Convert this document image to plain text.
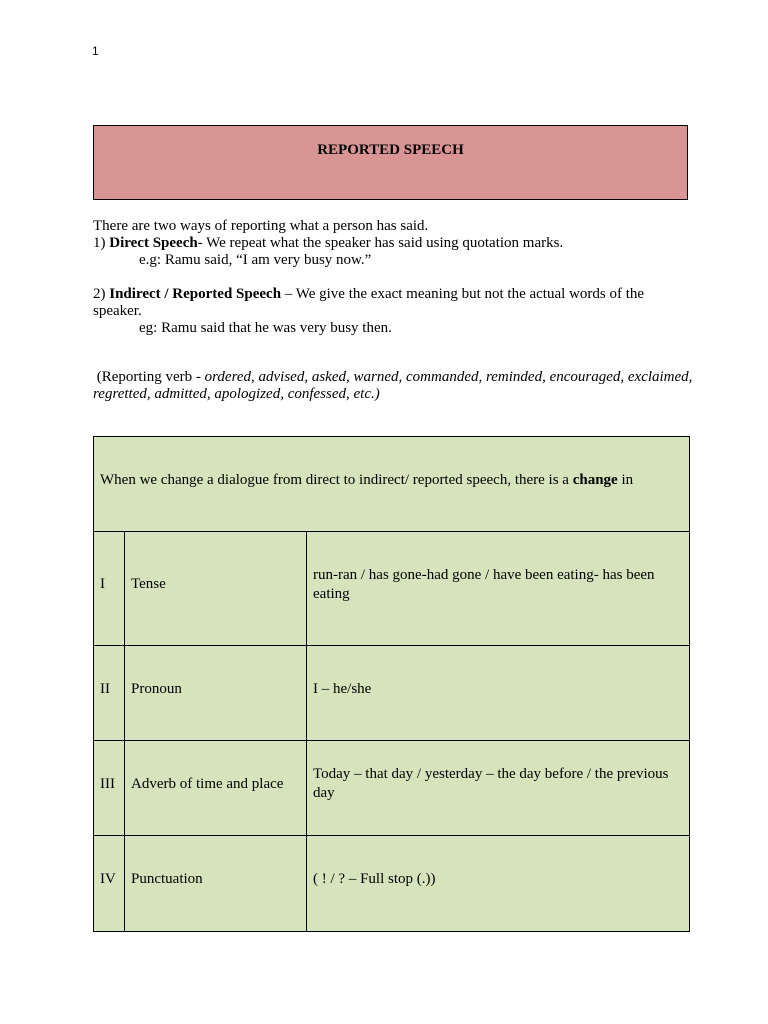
1
REPORTED SPEECH
There are two ways of reporting what a person has said.
1) Direct Speech- We repeat what the speaker has said using quotation marks.
e.g: Ramu said, “I am very busy now.”
2) Indirect / Reported Speech – We give the exact meaning but not the actual words of the speaker.
eg: Ramu said that he was very busy then.
(Reporting verb - ordered, advised, asked, warned, commanded, reminded, encouraged, exclaimed, regretted, admitted, apologized, confessed, etc.)
When we change a dialogue from direct to indirect/ reported speech, there is a change in		

I	Tense	run-ran / has gone-had gone / have been eating- has been eating

II	Pronoun	I – he/she

III	Adverb of time and place	Today – that day / yesterday – the day before / the previous day

IV	Punctuation	( ! / ? – Full stop (.))
